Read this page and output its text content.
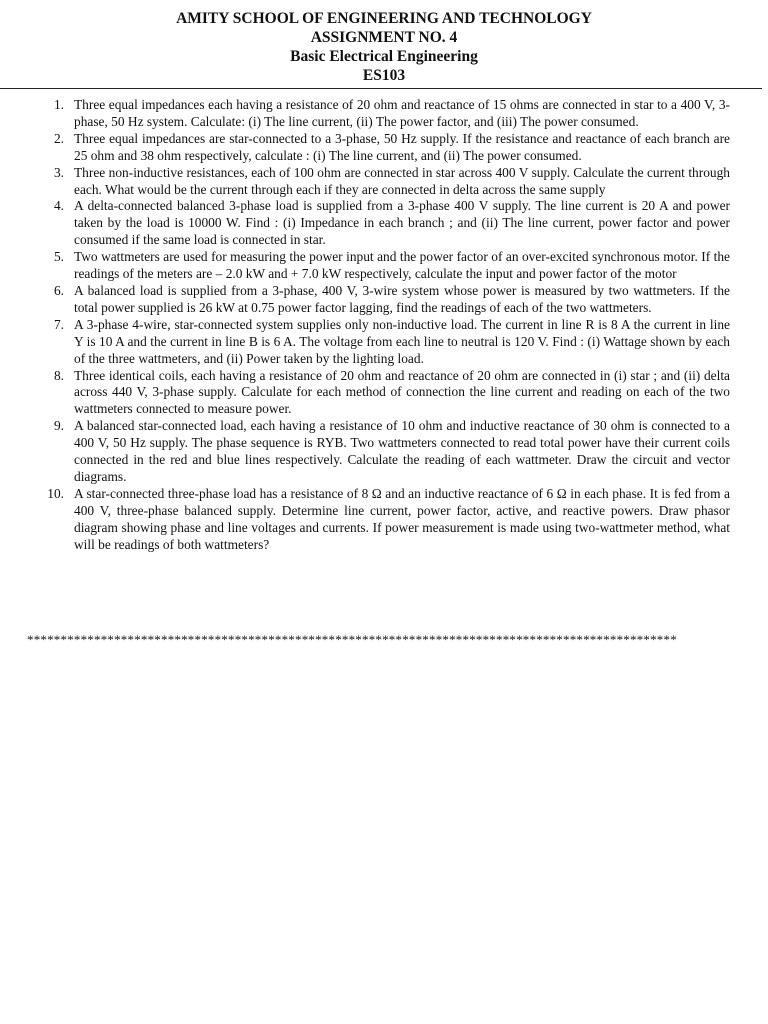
AMITY SCHOOL OF ENGINEERING AND TECHNOLOGY
ASSIGNMENT NO. 4
Basic Electrical Engineering
ES103
1. Three equal impedances each having a resistance of 20 ohm and reactance of 15 ohms are connected in star to a 400 V, 3-phase, 50 Hz system. Calculate: (i) The line current, (ii) The power factor, and (iii) The power consumed.
2. Three equal impedances are star-connected to a 3-phase, 50 Hz supply. If the resistance and reactance of each branch are 25 ohm and 38 ohm respectively, calculate : (i) The line current, and (ii) The power consumed.
3. Three non-inductive resistances, each of 100 ohm are connected in star across 400 V supply. Calculate the current through each. What would be the current through each if they are connected in delta across the same supply
4. A delta-connected balanced 3-phase load is supplied from a 3-phase 400 V supply. The line current is 20 A and power taken by the load is 10000 W. Find : (i) Impedance in each branch ; and (ii) The line current, power factor and power consumed if the same load is connected in star.
5. Two wattmeters are used for measuring the power input and the power factor of an over-excited synchronous motor. If the readings of the meters are – 2.0 kW and + 7.0 kW respectively, calculate the input and power factor of the motor
6. A balanced load is supplied from a 3-phase, 400 V, 3-wire system whose power is measured by two wattmeters. If the total power supplied is 26 kW at 0.75 power factor lagging, find the readings of each of the two wattmeters.
7. A 3-phase 4-wire, star-connected system supplies only non-inductive load. The current in line R is 8 A the current in line Y is 10 A and the current in line B is 6 A. The voltage from each line to neutral is 120 V. Find : (i) Wattage shown by each of the three wattmeters, and (ii) Power taken by the lighting load.
8. Three identical coils, each having a resistance of 20 ohm and reactance of 20 ohm are connected in (i) star ; and (ii) delta across 440 V, 3-phase supply. Calculate for each method of connection the line current and reading on each of the two wattmeters connected to measure power.
9. A balanced star-connected load, each having a resistance of 10 ohm and inductive reactance of 30 ohm is connected to a 400 V, 50 Hz supply. The phase sequence is RYB. Two wattmeters connected to read total power have their current coils connected in the red and blue lines respectively. Calculate the reading of each wattmeter. Draw the circuit and vector diagrams.
10. A star-connected three-phase load has a resistance of 8 Ω and an inductive reactance of 6 Ω in each phase. It is fed from a 400 V, three-phase balanced supply. Determine line current, power factor, active, and reactive powers. Draw phasor diagram showing phase and line voltages and currents. If power measurement is made using two-wattmeter method, what will be readings of both wattmeters?
*************************************************************************************************
